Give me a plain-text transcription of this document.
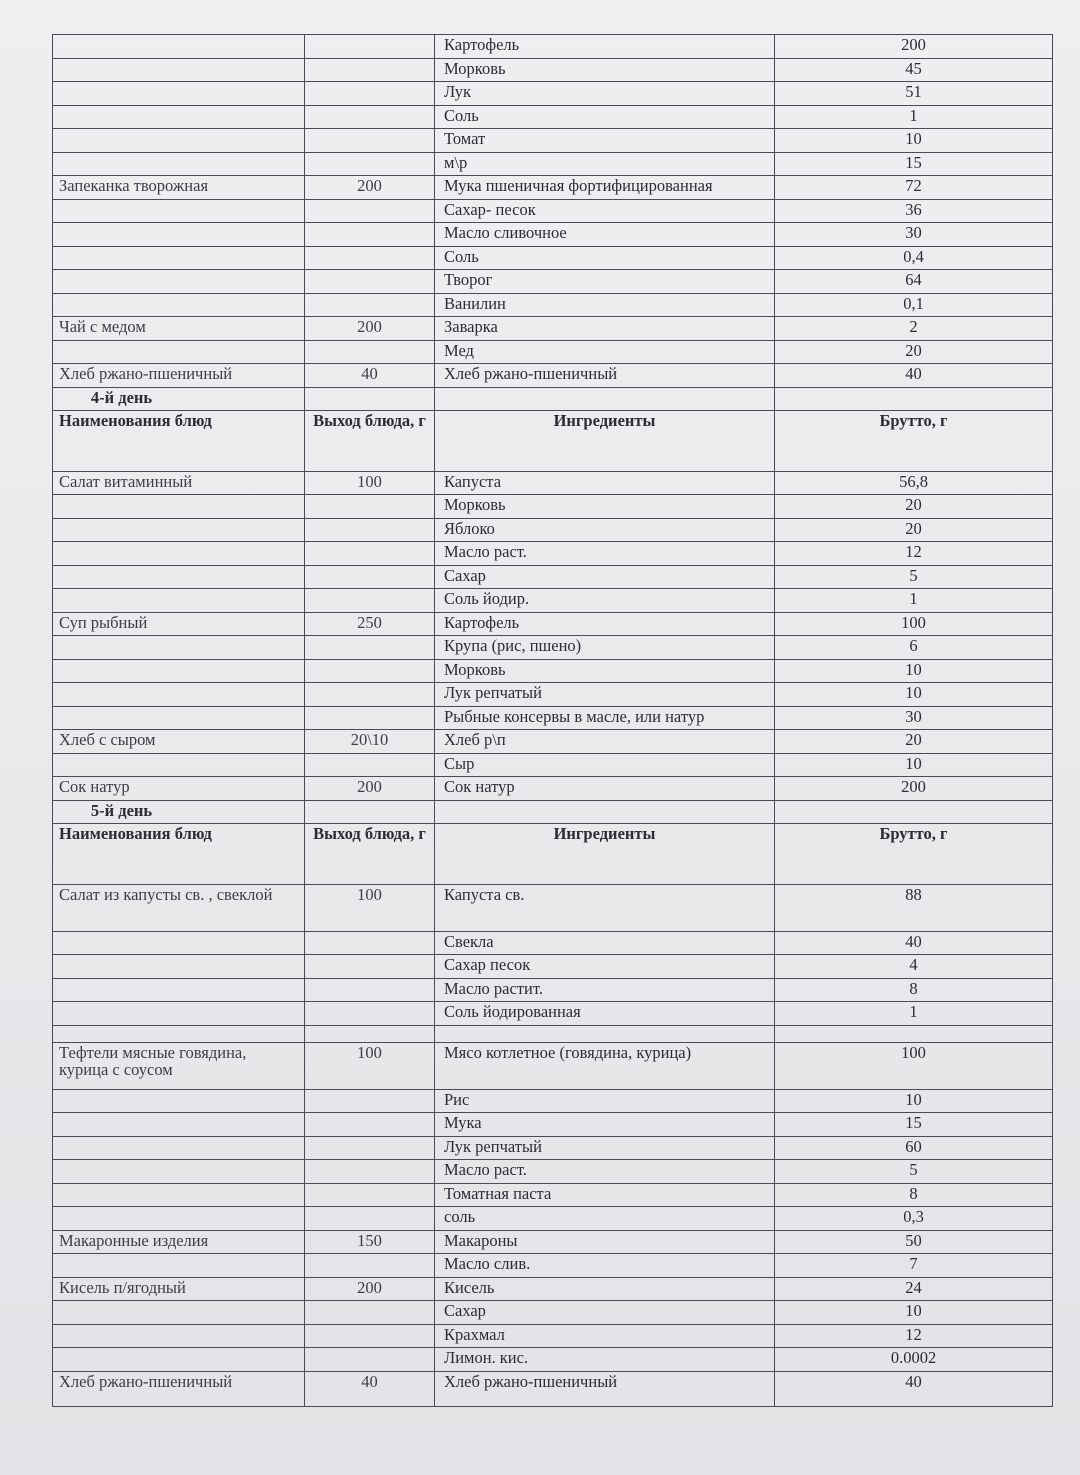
		Картофель	200
		Морковь	45
		Лук	51
		Соль	1
		Томат	10
		м\р	15
Запеканка творожная	200	Мука пшеничная фортифицированная	72
		Сахар- песок	36
		Масло сливочное	30
		Соль	0,4
		Творог	64
		Ванилин	0,1
Чай с медом	200	Заварка	2
		Мед	20
Хлеб ржано-пшеничный	40	Хлеб ржано-пшеничный	40
4-й день			
Наименования блюд	Выход блюда, г	Ингредиенты	Брутто, г
Салат витаминный	100	Капуста	56,8
		Морковь	20
		Яблоко	20
		Масло раст.	12
		Сахар	5
		Соль йодир.	1
Суп рыбный	250	Картофель	100
		Крупа (рис, пшено)	6
		Морковь	10
		Лук репчатый	10
		Рыбные консервы в масле, или натур	30
Хлеб с сыром	20\10	Хлеб р\п	20
		Сыр	10
Сок натур	200	Сок натур	200
5-й день			
Наименования блюд	Выход блюда, г	Ингредиенты	Брутто, г
Салат из капусты св. , свеклой	100	Капуста св.	88
		Свекла	40
		Сахар песок	4
		Масло растит.	8
		Соль йодированная	1

Тефтели мясные говядина, курица с соусом	100	Мясо котлетное (говядина, курица)	100
		Рис	10
		Мука	15
		Лук репчатый	60
		Масло раст.	5
		Томатная паста	8
		соль	0,3
Макаронные изделия	150	Макароны	50
		Масло слив.	7
Кисель п/ягодный	200	Кисель	24
		Сахар	10
		Крахмал	12
		Лимон. кис.	0.0002
Хлеб ржано-пшеничный	40	Хлеб ржано-пшеничный	40
